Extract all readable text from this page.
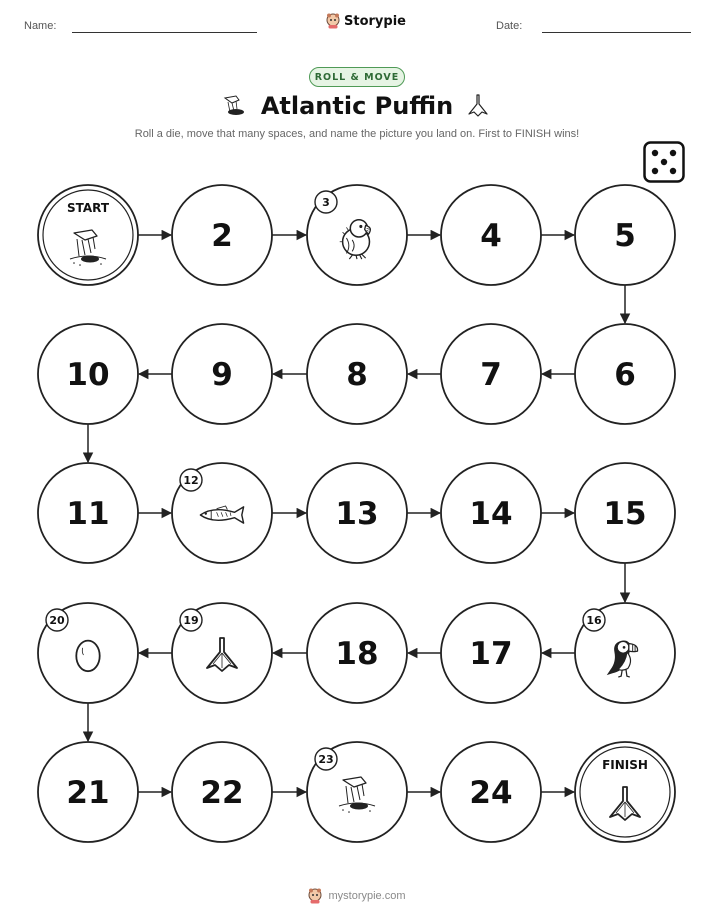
Name:	Storypie	Date:
ROLL & MOVE
Atlantic Puffin
Roll a die, move that many spaces, and name the picture you land on. First to FINISH wins!
START
2
3
4	5
6
7
8
9
10
11
12
13	14	15
16
17
18
19
20
21	22
23
24
FINISH
mystorypie.com
